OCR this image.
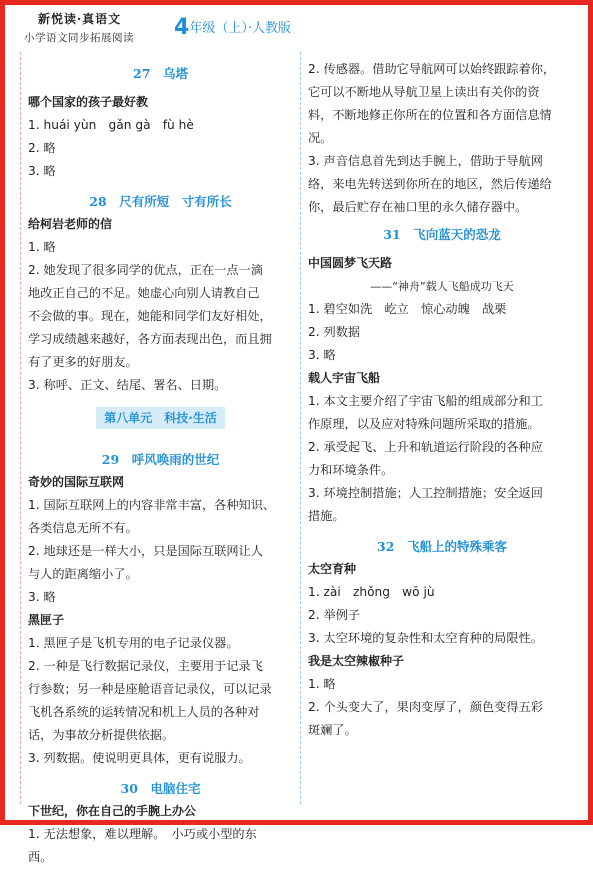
新悦读·真语文
小学语文同步拓展阅读 4年级（上）·人教版
27　乌塔
哪个国家的孩子最好教
1. huái yùn　gǎn gà　fù hè
2. 略
3. 略
28　尺有所短　寸有所长
给柯岩老师的信
1. 略
2. 她发现了很多同学的优点，正在一点一滴
地改正自己的不足。她虚心向别人请教自己
不会做的事。现在，她能和同学们友好相处，
学习成绩越来越好，各方面表现出色，而且拥
有了更多的好朋友。
3. 称呼、正文、结尾、署名、日期。
第八单元　科技·生活
29　呼风唤雨的世纪
奇妙的国际互联网
1. 国际互联网上的内容非常丰富，各种知识、
各类信息无所不有。
2. 地球还是一样大小，只是国际互联网让人
与人的距离缩小了。
3. 略
黑匣子
1. 黑匣子是飞机专用的电子记录仪器。
2. 一种是飞行数据记录仪，主要用于记录飞
行参数；另一种是座舱语音记录仪，可以记录
飞机各系统的运转情况和机上人员的各种对
话，为事故分析提供依据。
3. 列数据。使说明更具体，更有说服力。
30　电脑住宅
下世纪，你在自己的手腕上办公
1. 无法想象，难以理解。　小巧或小型的东
西。
2. 传感器。借助它导航网可以始终跟踪着你，
它可以不断地从导航卫星上读出有关你的资
料，不断地修正你所在的位置和各方面信息情
况。
3. 声音信息首先到达手腕上，借助于导航网
络，来电先转送到你所在的地区，然后传递给
你，最后贮存在袖口里的永久储存器中。
31　飞向蓝天的恐龙
中国圆梦飞天路
——“神舟”载人飞船成功飞天
1. 碧空如洗　屹立　惊心动魄　战栗
2. 列数据
3. 略
载人宇宙飞船
1. 本文主要介绍了宇宙飞船的组成部分和工
作原理，以及应对特殊问题所采取的措施。
2. 承受起飞、上升和轨道运行阶段的各种应
力和环境条件。
3. 环境控制措施；人工控制措施；安全返回
措施。
32　飞船上的特殊乘客
太空育种
1. zài　zhǒng　wō jù
2. 举例子
3. 太空环境的复杂性和太空育种的局限性。
我是太空辣椒种子
1. 略
2. 个头变大了，果肉变厚了，颜色变得五彩
斑斓了。
